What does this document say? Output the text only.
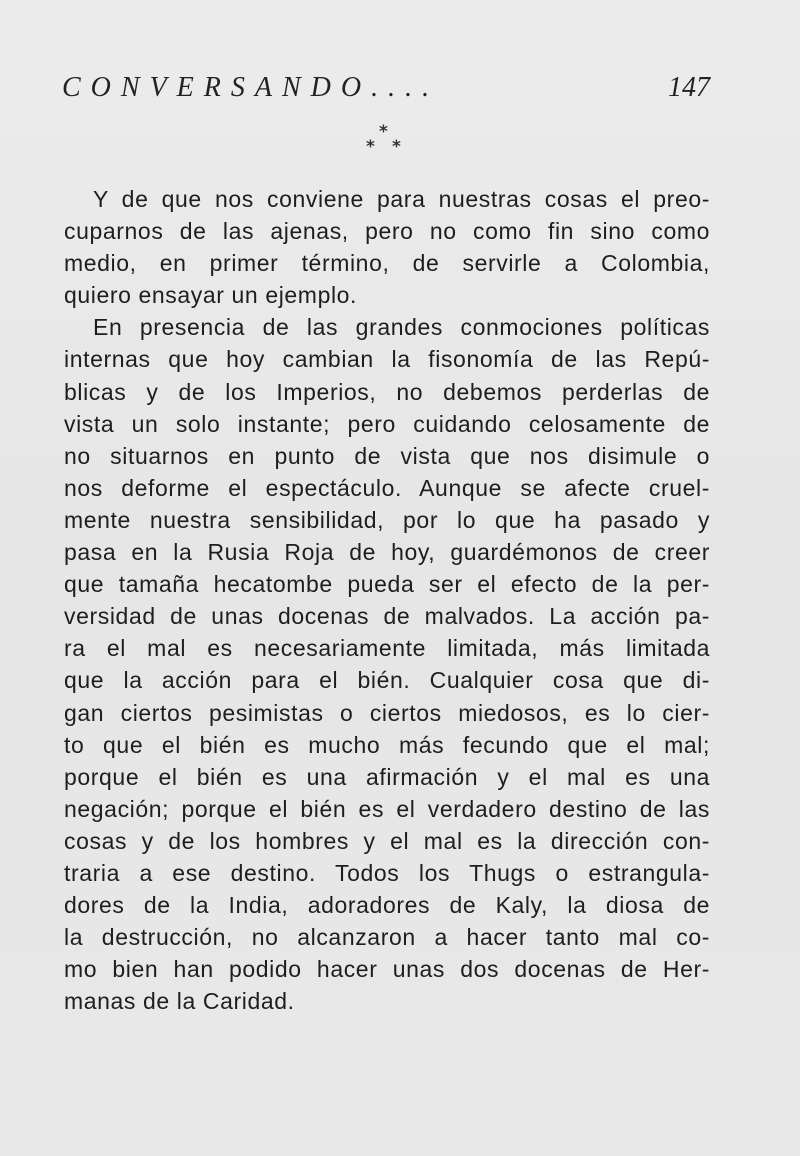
CONVERSANDO....	147
*
* *
Y de que nos conviene para nuestras cosas el preo-
cuparnos de las ajenas, pero no como fin sino como
medio, en primer término, de servirle a Colombia,
quiero ensayar un ejemplo.
En presencia de las grandes conmociones políticas
internas que hoy cambian la fisonomía de las Repú-
blicas y de los Imperios, no debemos perderlas de
vista un solo instante; pero cuidando celosamente de
no situarnos en punto de vista que nos disimule o
nos deforme el espectáculo. Aunque se afecte cruel-
mente nuestra sensibilidad, por lo que ha pasado y
pasa en la Rusia Roja de hoy, guardémonos de creer
que tamaña hecatombe pueda ser el efecto de la per-
versidad de unas docenas de malvados. La acción pa-
ra el mal es necesariamente limitada, más limitada
que la acción para el bién. Cualquier cosa que di-
gan ciertos pesimistas o ciertos miedosos, es lo cier-
to que el bién es mucho más fecundo que el mal;
porque el bién es una afirmación y el mal es una
negación; porque el bién es el verdadero destino de las
cosas y de los hombres y el mal es la dirección con-
traria a ese destino. Todos los Thugs o estrangula-
dores de la India, adoradores de Kaly, la diosa de
la destrucción, no alcanzaron a hacer tanto mal co-
mo bien han podido hacer unas dos docenas de Her-
manas de la Caridad.
